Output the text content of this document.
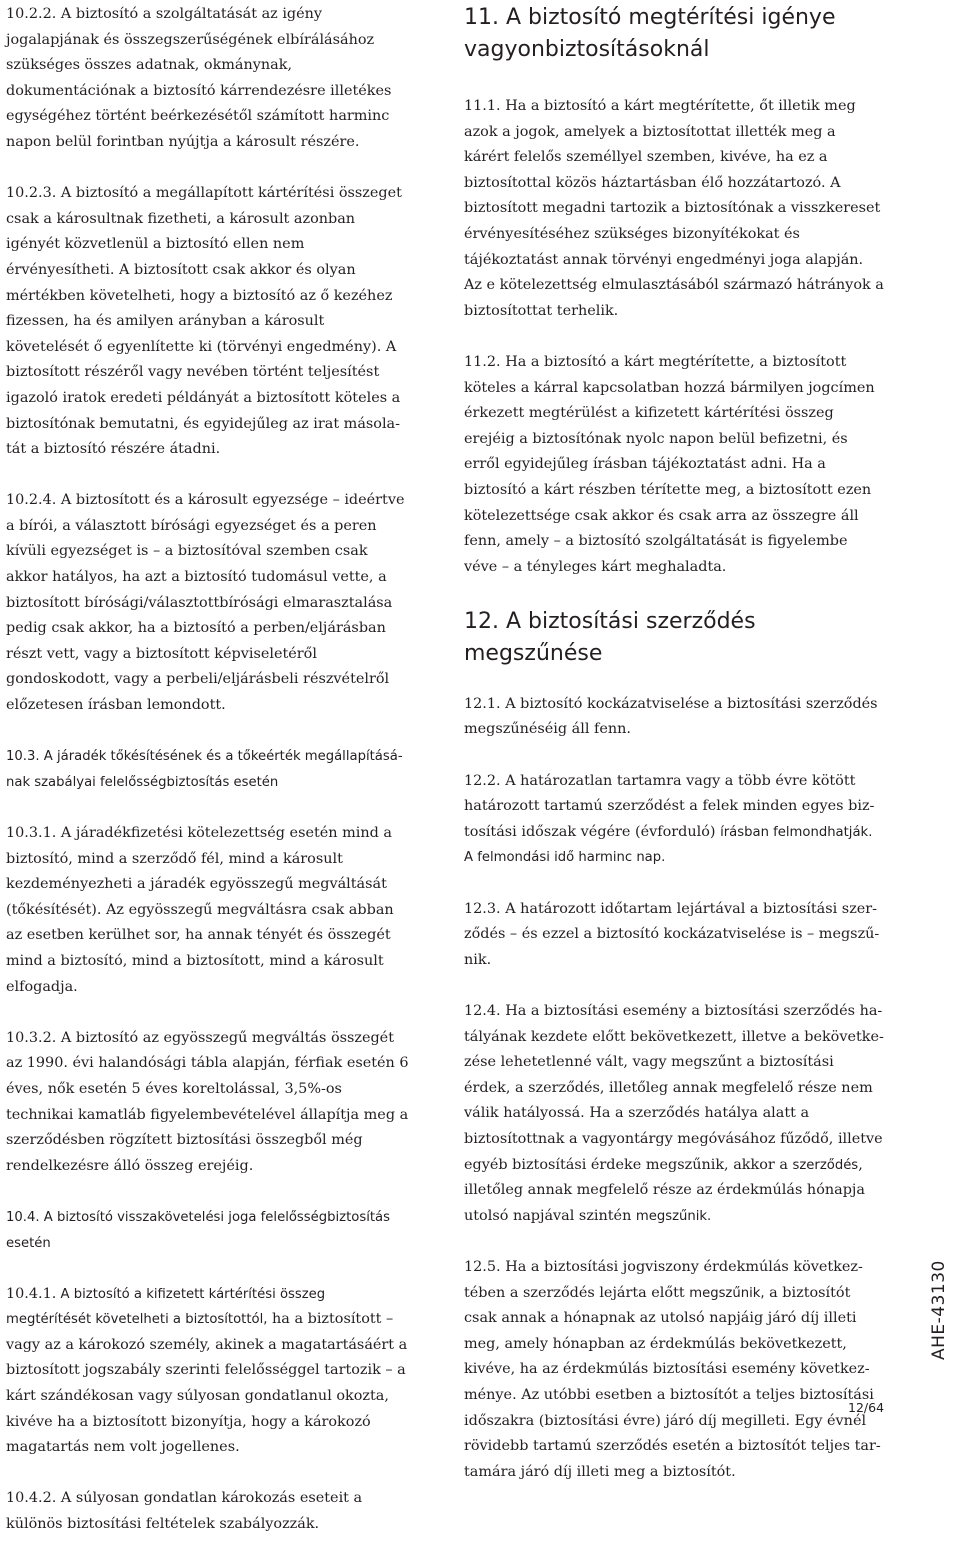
10.2.2. A biztosító a szolgáltatását az igény jogalapjának és összegszerűségének elbírálásához szükséges összes adatnak, okmánynak, dokumentációnak a biztosító kárrendezésre illetékes egységéhez történt beérkezésétől számított harminc napon belül forintban nyújtja a károsult részére.

10.2.3. A biztosító a megállapított kártérítési összeget csak a károsultnak fizetheti, a károsult azonban igényét közvetlenül a biztosító ellen nem érvényesítheti. A biztosított csak akkor és olyan mértékben követelheti, hogy a biztosító az ő kezéhez fizessen, ha és amilyen arányban a károsult követelését ő egyenlítette ki (törvényi engedmény). A biztosított részéről vagy nevében történt teljesítést igazoló iratok eredeti példányát a biztosított köteles a biztosítónak bemutatni, és egyidejűleg az irat másolatát a biztosító részére átadni.

10.2.4. A biztosított és a károsult egyezsége – ideértve a bírói, a választott bírósági egyezséget és a peren kívüli egyezséget is – a biztosítóval szemben csak akkor hatályos, ha azt a biztosító tudomásul vette, a biztosított bírósági/választottbírósági elmarasztalása pedig csak akkor, ha a biztosító a perben/eljárásban részt vett, vagy a biztosított képviseletéről gondoskodott, vagy a perbeli/eljárásbeli részvételről előzetesen írásban lemondott.

10.3. A járadék tőkésítésének és a tőkeérték megállapításának szabályai felelősségbiztosítás esetén

10.3.1. A járadékfizetési kötelezettség esetén mind a biztosító, mind a szerződő fél, mind a károsult kezdeményezheti a járadék egyösszegű megváltását (tőkésítését). Az egyösszegű megváltásra csak abban az esetben kerülhet sor, ha annak tényét és összegét mind a biztosító, mind a biztosított, mind a károsult elfogadja.

10.3.2. A biztosító az egyösszegű megváltás összegét az 1990. évi halandósági tábla alapján, férfiak esetén 6 éves, nők esetén 5 éves koreltolással, 3,5%-os technikai kamatláb figyelembevételével állapítja meg a szerződésben rögzített biztosítási összegből még rendelkezésre álló összeg erejéig.

10.4. A biztosító visszakövetelési joga felelősségbiztosítás esetén

10.4.1. A biztosító a kifizetett kártérítési összeg megtérítését követelheti a biztosítottól, ha a biztosított – vagy az a károkozó személy, akinek a magatartásáért a biztosított jogszabály szerinti felelősséggel tartozik – a kárt szándékosan vagy súlyosan gondatlanul okozta, kivéve ha a biztosított bizonyítja, hogy a károkozó magatartás nem volt jogellenes.

10.4.2. A súlyosan gondatlan károkozás eseteit a különös biztosítási feltételek szabályozzák.

11. A biztosító megtérítési igénye vagyonbiztosításoknál

11.1. Ha a biztosító a kárt megtérítette, őt illetik meg azok a jogok, amelyek a biztosítottat illették meg a kárért felelős személlyel szemben, kivéve, ha ez a biztosítottal közös háztartásban élő hozzátartozó. A biztosított megadni tartozik a biztosítónak a visszkereset érvényesítéséhez szükséges bizonyítékokat és tájékoztatást annak törvényi engedményi joga alapján. Az e kötelezettség elmulasztásából származó hátrányok a biztosítottat terhelik.

11.2. Ha a biztosító a kárt megtérítette, a biztosított köteles a kárral kapcsolatban hozzá bármilyen jogcímen érkezett megtérülést a kifizetett kártérítési összeg erejéig a biztosítónak nyolc napon belül befizetni, és erről egyidejűleg írásban tájékoztatást adni. Ha a biztosító a kárt részben térítette meg, a biztosított ezen kötelezettsége csak akkor és csak arra az összegre áll fenn, amely – a biztosító szolgáltatását is figyelembe véve – a tényleges kárt meghaladta.

12. A biztosítási szerződés megszűnése

12.1. A biztosító kockázatviselése a biztosítási szerződés megszűnéséig áll fenn.

12.2. A határozatlan tartamra vagy a több évre kötött határozott tartamú szerződést a felek minden egyes biztosítási időszak végére (évforduló) írásban felmondhatják. A felmondási idő harminc nap.

12.3. A határozott időtartam lejártával a biztosítási szerződés – és ezzel a biztosító kockázatviselése is – megszűnik.

12.4. Ha a biztosítási esemény a biztosítási szerződés hatályának kezdete előtt bekövetkezett, illetve a bekövetkezése lehetetlenné vált, vagy megszűnt a biztosítási érdek, a szerződés, illetőleg annak megfelelő része nem válik hatályossá. Ha a szerződés hatálya alatt a biztosítottnak a vagyontárgy megóvásához fűződő, illetve egyéb biztosítási érdeke megszűnik, akkor a szerződés, illetőleg annak megfelelő része az érdekmúlás hónapja utolsó napjával szintén megszűnik.

12.5. Ha a biztosítási jogviszony érdekmúlás következtében a szerződés lejárta előtt megszűnik, a biztosítót csak annak a hónapnak az utolsó napjáig járó díj illeti meg, amely hónapban az érdekmúlás bekövetkezett, kivéve, ha az érdekmúlás biztosítási esemény következménye. Az utóbbi esetben a biztosítót a teljes biztosítási időszakra (biztosítási évre) járó díj megilleti. Egy évnél rövidebb tartamú szerződés esetén a biztosítót teljes tartamára járó díj illeti meg a biztosítót.

AHE-43130
12/64
